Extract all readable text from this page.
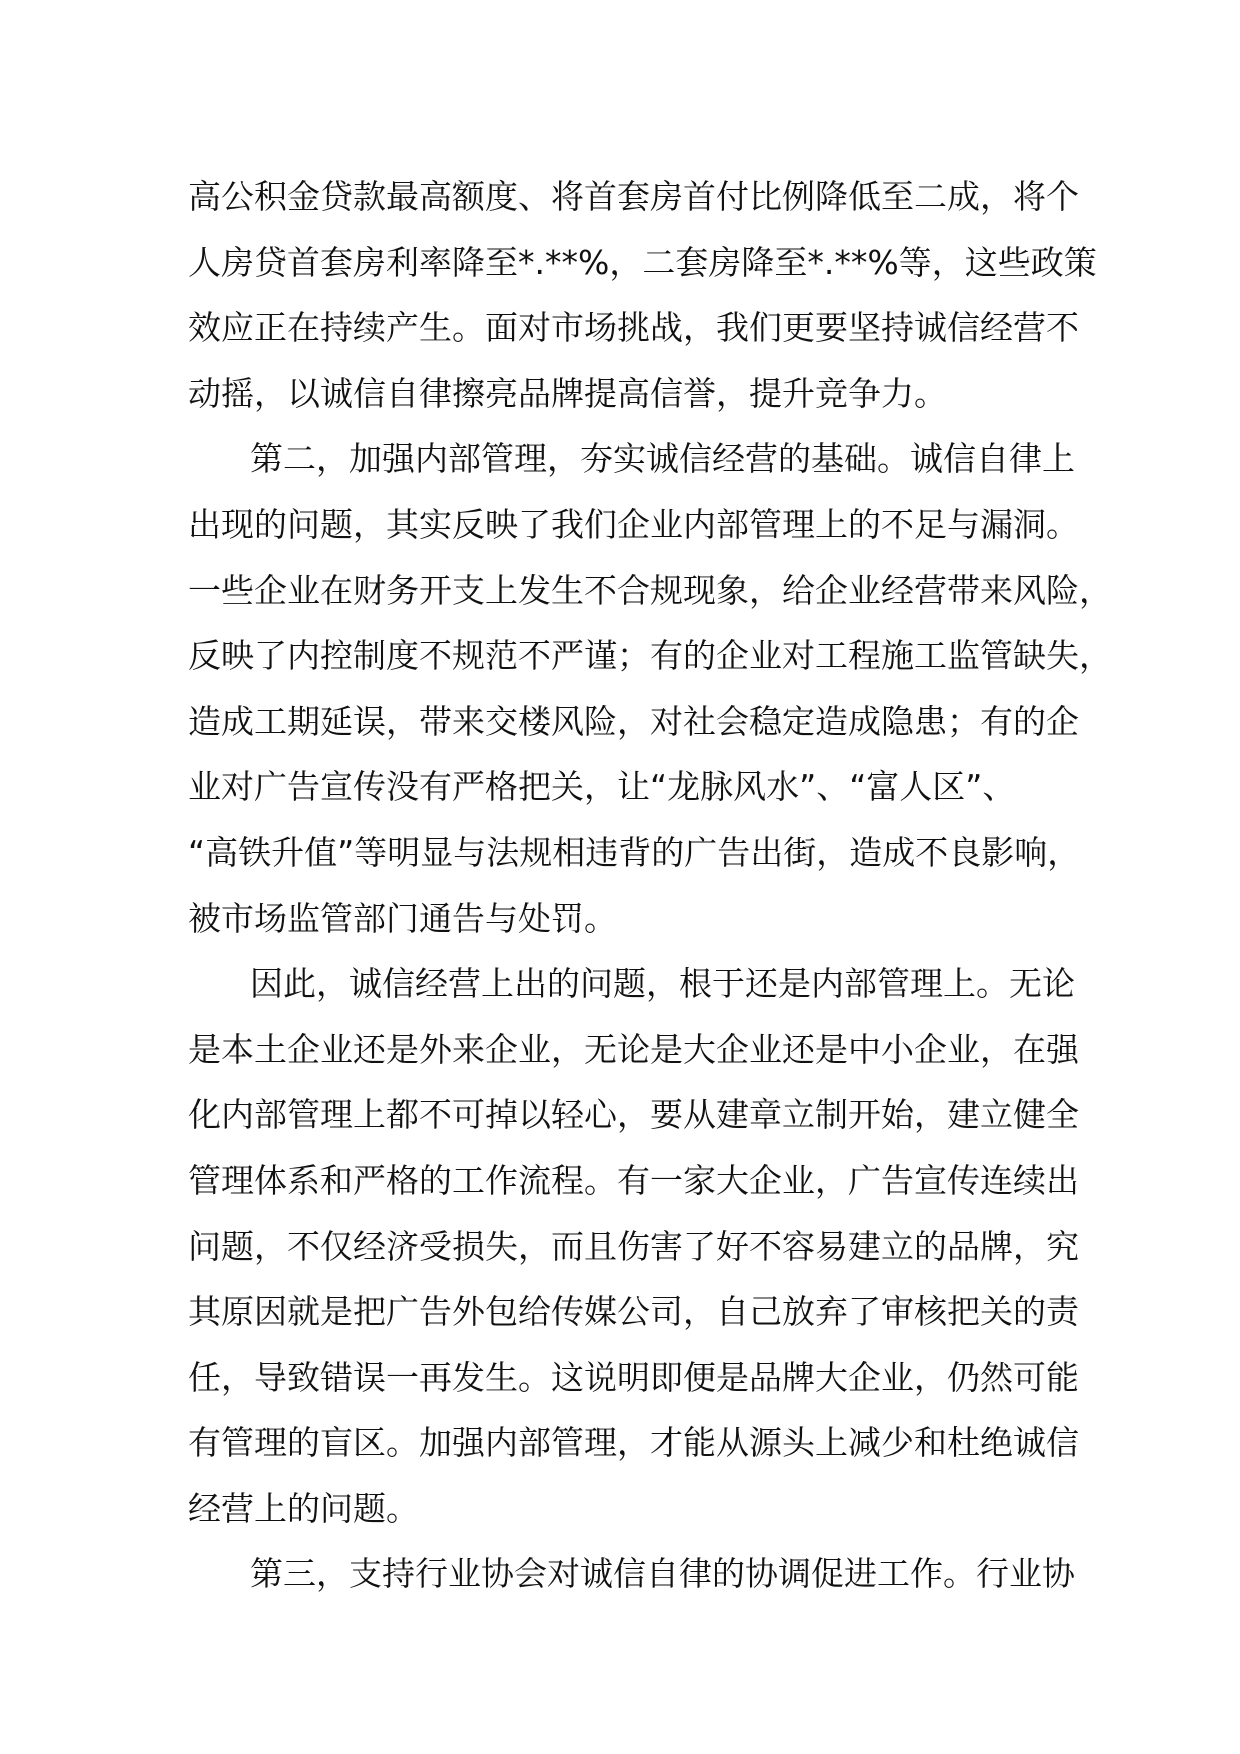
高公积金贷款最高额度、将首套房首付比例降低至二成，将个
人房贷首套房利率降至*.**%，二套房降至*.**%等，这些政策
效应正在持续产生。面对市场挑战，我们更要坚持诚信经营不
动摇，以诚信自律擦亮品牌提高信誉，提升竞争力。
第二，加强内部管理，夯实诚信经营的基础。诚信自律上
出现的问题，其实反映了我们企业内部管理上的不足与漏洞。
一些企业在财务开支上发生不合规现象，给企业经营带来风险，
反映了内控制度不规范不严谨；有的企业对工程施工监管缺失，
造成工期延误，带来交楼风险，对社会稳定造成隐患；有的企
业对广告宣传没有严格把关，让“龙脉风水”、“富人区”、
“高铁升值”等明显与法规相违背的广告出街，造成不良影响，
被市场监管部门通告与处罚。
因此，诚信经营上出的问题，根于还是内部管理上。无论
是本土企业还是外来企业，无论是大企业还是中小企业，在强
化内部管理上都不可掉以轻心，要从建章立制开始，建立健全
管理体系和严格的工作流程。有一家大企业，广告宣传连续出
问题，不仅经济受损失，而且伤害了好不容易建立的品牌，究
其原因就是把广告外包给传媒公司，自己放弃了审核把关的责
任，导致错误一再发生。这说明即便是品牌大企业，仍然可能
有管理的盲区。加强内部管理，才能从源头上减少和杜绝诚信
经营上的问题。
第三，支持行业协会对诚信自律的协调促进工作。行业协
